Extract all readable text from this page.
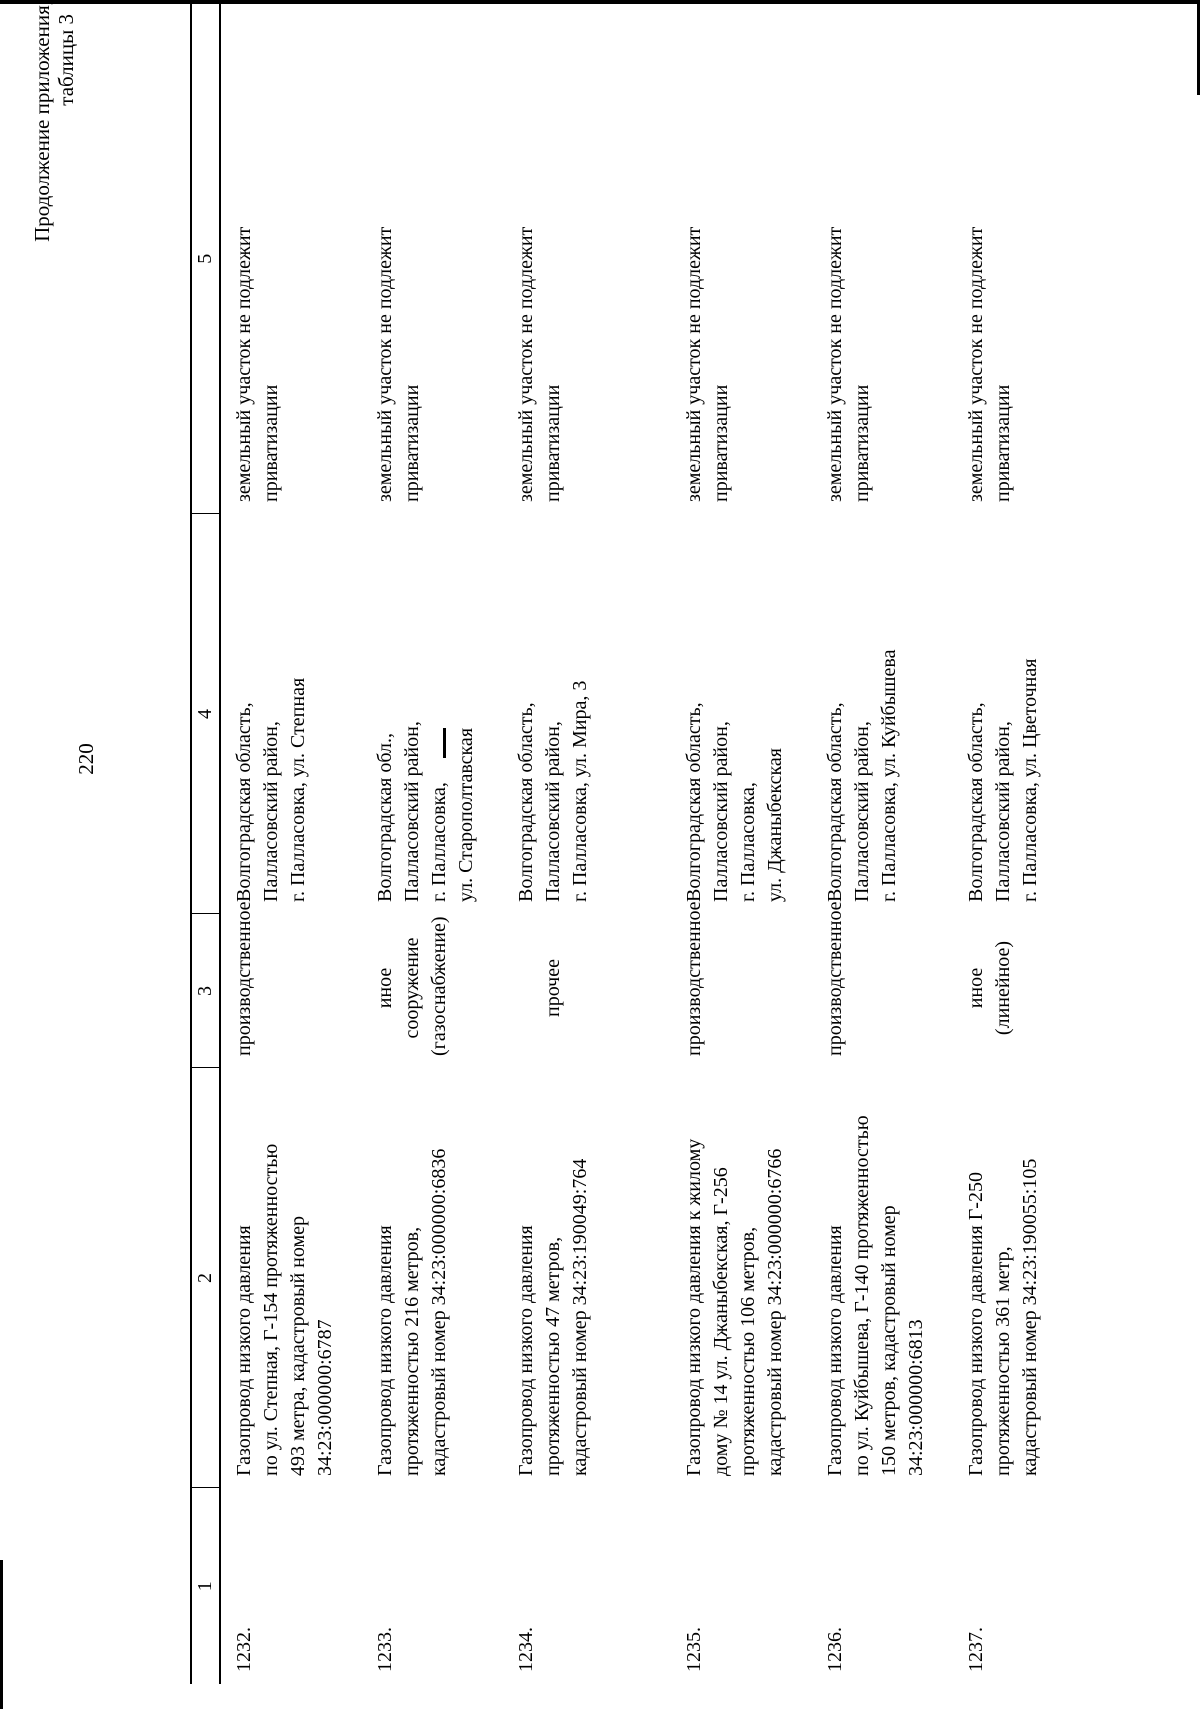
220
Продолжение приложения, таблицы 3
1	2	3	4	5
1232.	Газопровод низкого давления по ул. Степная, Г-154 протяженностью 493 метра, кадастровый номер 34:23:000000:6787	производственное	Волгоградская область, Палласовский район, г. Палласовка, ул. Степная	земельный участок не подлежит приватизации

1233.	Газопровод низкого давления протяженностью 216 метров, кадастровый номер 34:23:000000:6836	иное сооружение (газоснабжение)	Волгоградская обл., Палласовский район, г. Палласовка, ул. Старополтавская	земельный участок не подлежит приватизации

1234.	Газопровод низкого давления протяженностью 47 метров, кадастровый номер 34:23:190049:764	прочее	Волгоградская область, Палласовский район, г. Палласовка, ул. Мира, 3	земельный участок не подлежит приватизации

1235.	Газопровод низкого давления к жилому дому № 14 ул. Джаныбекская, Г-256 протяженностью 106 метров, кадастровый номер 34:23:000000:6766	производственное	Волгоградская область, Палласовский район, г. Палласовка, ул. Джаныбекская	земельный участок не подлежит приватизации

1236.	Газопровод низкого давления по ул. Куйбышева, Г-140 протяженностью 150 метров, кадастровый номер 34:23:000000:6813	производственное	Волгоградская область, Палласовский район, г. Палласовка, ул. Куйбышева	земельный участок не подлежит приватизации

1237.	Газопровод низкого давления Г-250 протяженностью 361 метр, кадастровый номер 34:23:190055:105	иное (линейное)	Волгоградская область, Палласовский район, г. Палласовка, ул. Цветочная	земельный участок не подлежит приватизации
